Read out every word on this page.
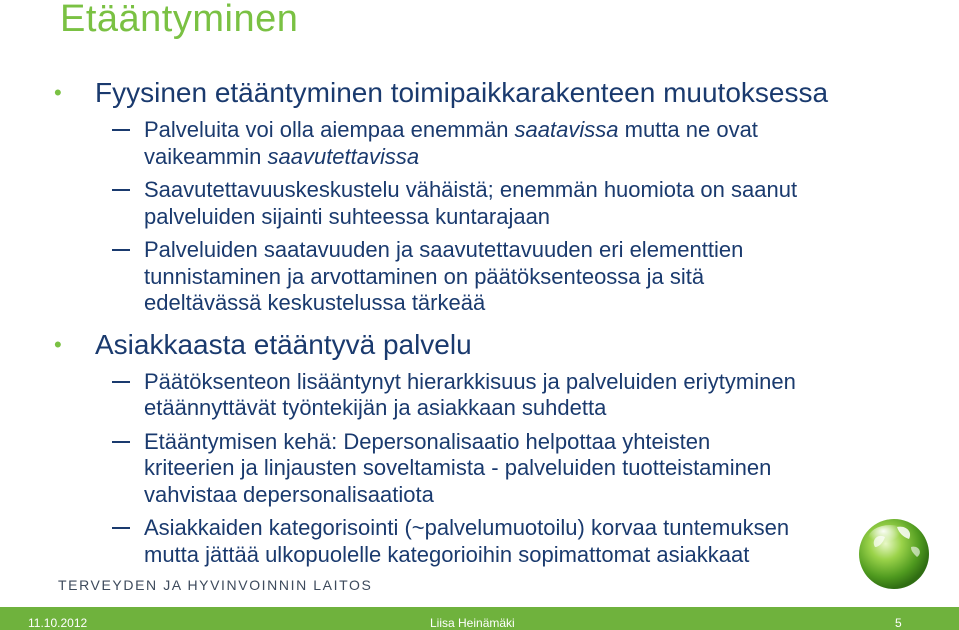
Etääntyminen
•	Fyysinen etääntyminen toimipaikkarakenteen muutoksessa
Palveluita voi olla aiempaa enemmän saatavissa mutta ne ovat
vaikeammin saavutettavissa
Saavutettavuuskeskustelu vähäistä; enemmän huomiota on saanut
palveluiden sijainti suhteessa kuntarajaan
Palveluiden saatavuuden ja saavutettavuuden eri elementtien
tunnistaminen ja arvottaminen on päätöksenteossa ja sitä
edeltävässä keskustelussa tärkeää
•	Asiakkaasta etääntyvä palvelu
Päätöksenteon lisääntynyt hierarkkisuus ja palveluiden eriytyminen
etäännyttävät työntekijän ja asiakkaan suhdetta
Etääntymisen kehä: Depersonalisaatio helpottaa yhteisten
kriteerien ja linjausten soveltamista - palveluiden tuotteistaminen
vahvistaa depersonalisaatiota
Asiakkaiden kategorisointi (~palvelumuotoilu) korvaa tuntemuksen
mutta jättää ulkopuolelle kategorioihin sopimattomat asiakkaat
TERVEYDEN JA HYVINVOINNIN LAITOS
11.10.2012	Liisa Heinämäki	5
